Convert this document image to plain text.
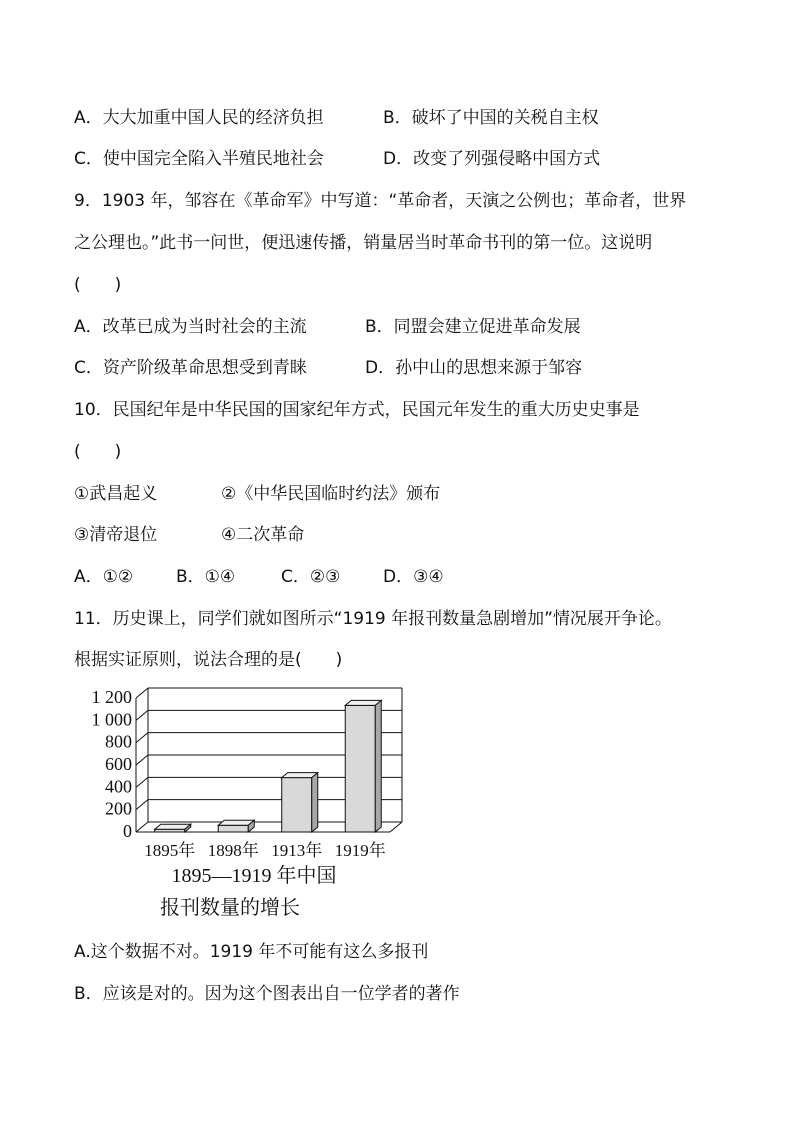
A．大大加重中国人民的经济负担	B．破坏了中国的关税自主权
C．使中国完全陷入半殖民地社会	D．改变了列强侵略中国方式
9．1903 年，邹容在《革命军》中写道：“革命者，天演之公例也；革命者，世界
之公理也。”此书一问世，便迅速传播，销量居当时革命书刊的第一位。这说明
(　　)
A．改革已成为当时社会的主流	B．同盟会建立促进革命发展
C．资产阶级革命思想受到青睐	D．孙中山的思想来源于邹容
10．民国纪年是中华民国的国家纪年方式，民国元年发生的重大历史史事是
(　　)
①武昌起义	②《中华民国临时约法》颁布
③清帝退位	④二次革命
A．①②	B．①④	C．②③	D．③④
11．历史课上，同学们就如图所示“1919 年报刊数量急剧增加”情况展开争论。
根据实证原则，说法合理的是(　　)
0
200
400
600
800
1 000
1 200
1895年 1898年 1913年 1919年
1895—1919 年中国
报刊数量的增长
A.这个数据不对。1919 年不可能有这么多报刊
B．应该是对的。因为这个图表出自一位学者的著作
